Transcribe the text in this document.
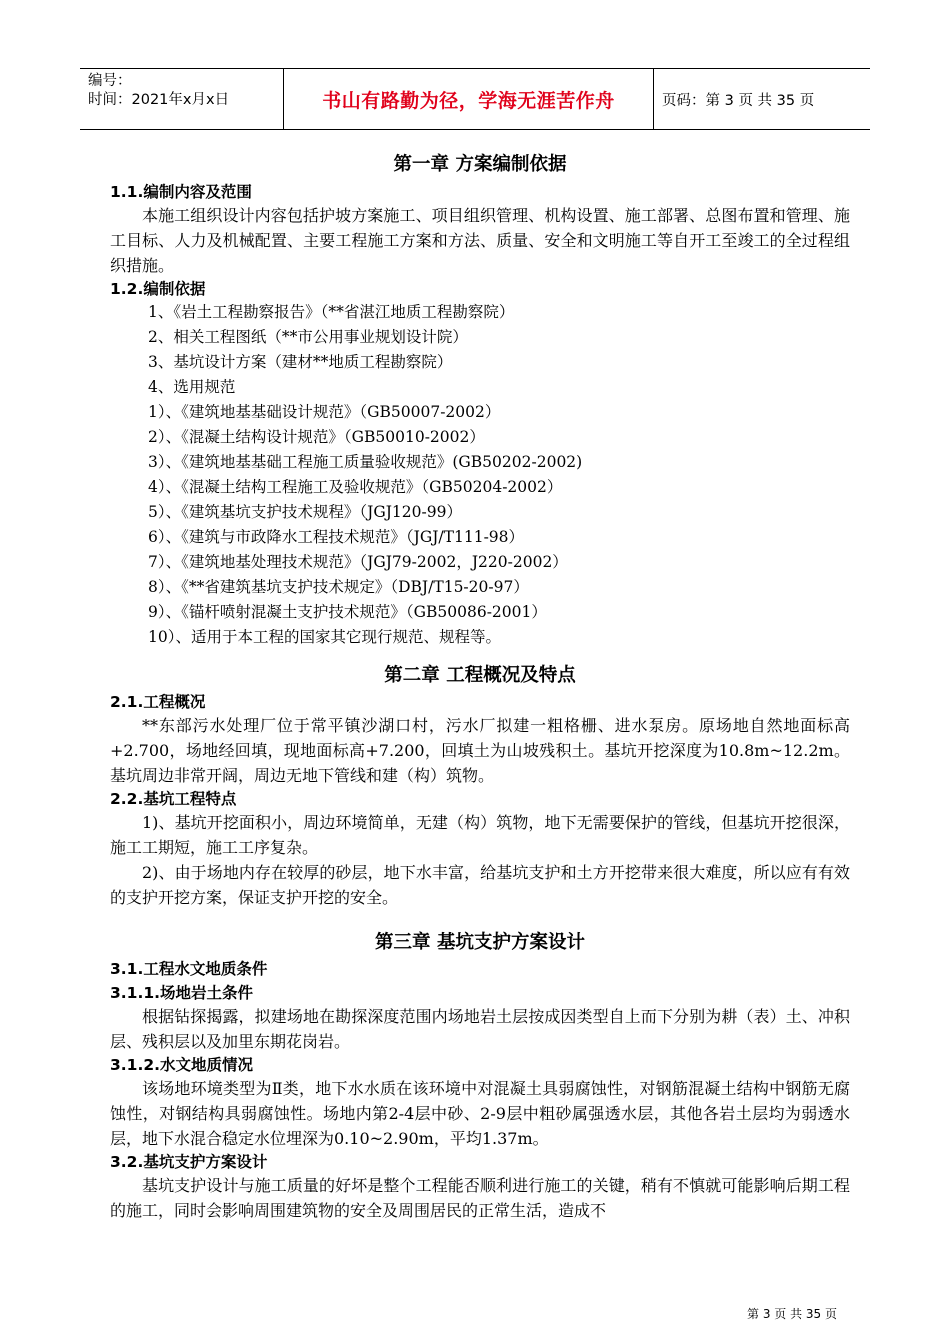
编号：
时间：2021年x月x日	书山有路勤为径，学海无涯苦作舟	页码：第 3 页 共 35 页
第一章 方案编制依据
1.1.编制内容及范围

本施工组织设计内容包括护坡方案施工、项目组织管理、机构设置、施工部署、总图布置和管理、施工目标、人力及机械配置、主要工程施工方案和方法、质量、安全和文明施工等自开工至竣工的全过程组织措施。

1.2.编制依据

1、《岩土工程勘察报告》（**省湛江地质工程勘察院）

2、相关工程图纸（**市公用事业规划设计院）

3、基坑设计方案（建材**地质工程勘察院）

4、选用规范

1）、《建筑地基基础设计规范》（GB50007-2002）

2）、《混凝土结构设计规范》（GB50010-2002）

3）、《建筑地基基础工程施工质量验收规范》(GB50202-2002)

4）、《混凝土结构工程施工及验收规范》（GB50204-2002）

5）、《建筑基坑支护技术规程》（JGJ120-99）

6）、《建筑与市政降水工程技术规范》（JGJ/T111-98）

7）、《建筑地基处理技术规范》（JGJ79-2002，J220-2002）

8）、《**省建筑基坑支护技术规定》（DBJ/T15-20-97）

9）、《锚杆喷射混凝土支护技术规范》（GB50086-2001）

10）、适用于本工程的国家其它现行规范、规程等。

第二章 工程概况及特点
2.1.工程概况

**东部污水处理厂位于常平镇沙湖口村，污水厂拟建一粗格栅、进水泵房。原场地自然地面标高+2.700，场地经回填，现地面标高+7.200，回填土为山坡残积土。基坑开挖深度为10.8m~12.2m。基坑周边非常开阔，周边无地下管线和建（构）筑物。

2.2.基坑工程特点

1)、基坑开挖面积小，周边环境简单，无建（构）筑物，地下无需要保护的管线，但基坑开挖很深，施工工期短，施工工序复杂。

2)、由于场地内存在较厚的砂层，地下水丰富，给基坑支护和土方开挖带来很大难度，所以应有有效的支护开挖方案，保证支护开挖的安全。

第三章 基坑支护方案设计
3.1.工程水文地质条件
3.1.1.场地岩土条件

根据钻探揭露，拟建场地在勘探深度范围内场地岩土层按成因类型自上而下分别为耕（表）土、冲积层、残积层以及加里东期花岗岩。

3.1.2.水文地质情况

该场地环境类型为Ⅱ类，地下水水质在该环境中对混凝土具弱腐蚀性，对钢筋混凝土结构中钢筋无腐蚀性，对钢结构具弱腐蚀性。场地内第2-4层中砂、2-9层中粗砂属强透水层，其他各岩土层均为弱透水层，地下水混合稳定水位埋深为0.10~2.90m，平均1.37m。

3.2.基坑支护方案设计

基坑支护设计与施工质量的好坏是整个工程能否顺利进行施工的关键，稍有不慎就可能影响后期工程的施工，同时会影响周围建筑物的安全及周围居民的正常生活，造成不

第 3 页 共 35 页
